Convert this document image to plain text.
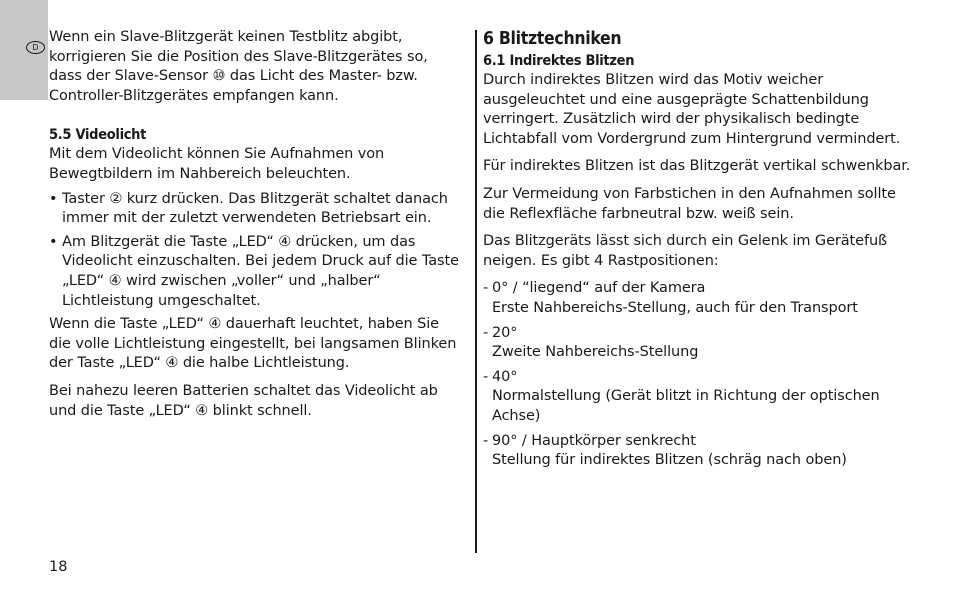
D

Wenn ein Slave-Blitzgerät keinen Testblitz abgibt, korrigieren Sie die Position des Slave-Blitzgerätes so, dass der Slave-Sensor ⑩ das Licht des Master- bzw. Controller-Blitzgerätes empfangen kann.

5.5 Videolicht

Mit dem Videolicht können Sie Aufnahmen von Bewegtbildern im Nahbereich beleuchten.

• Taster ② kurz drücken. Das Blitzgerät schaltet danach immer mit der zuletzt verwendeten Betriebsart ein.
• Am Blitzgerät die Taste „LED“ ④ drücken, um das Videolicht einzuschalten. Bei jedem Druck auf die Taste „LED“ ④ wird zwischen „voller“ und „halber“ Lichtleistung umgeschaltet.

Wenn die Taste „LED“ ④ dauerhaft leuchtet, haben Sie die volle Lichtleistung eingestellt, bei langsamen Blinken der Taste „LED“ ④ die halbe Lichtleistung.

Bei nahezu leeren Batterien schaltet das Videolicht ab und die Taste „LED“ ④ blinkt schnell.

6 Blitztechniken
6.1 Indirektes Blitzen

Durch indirektes Blitzen wird das Motiv weicher ausgeleuchtet und eine ausgeprägte Schattenbildung verringert. Zusätzlich wird der physikalisch bedingte Lichtabfall vom Vordergrund zum Hintergrund vermindert.

Für indirektes Blitzen ist das Blitzgerät vertikal schwenkbar.

Zur Vermeidung von Farbstichen in den Aufnahmen sollte die Reflexfläche farbneutral bzw. weiß sein.

Das Blitzgeräts lässt sich durch ein Gelenk im Gerätefuß neigen. Es gibt 4 Rastpositionen:

- 0° / “liegend“ auf der Kamera
Erste Nahbereichs-Stellung, auch für den Transport
- 20°
Zweite Nahbereichs-Stellung
- 40°
Normalstellung (Gerät blitzt in Richtung der optischen Achse)
- 90° / Hauptkörper senkrecht
Stellung für indirektes Blitzen (schräg nach oben)
18
